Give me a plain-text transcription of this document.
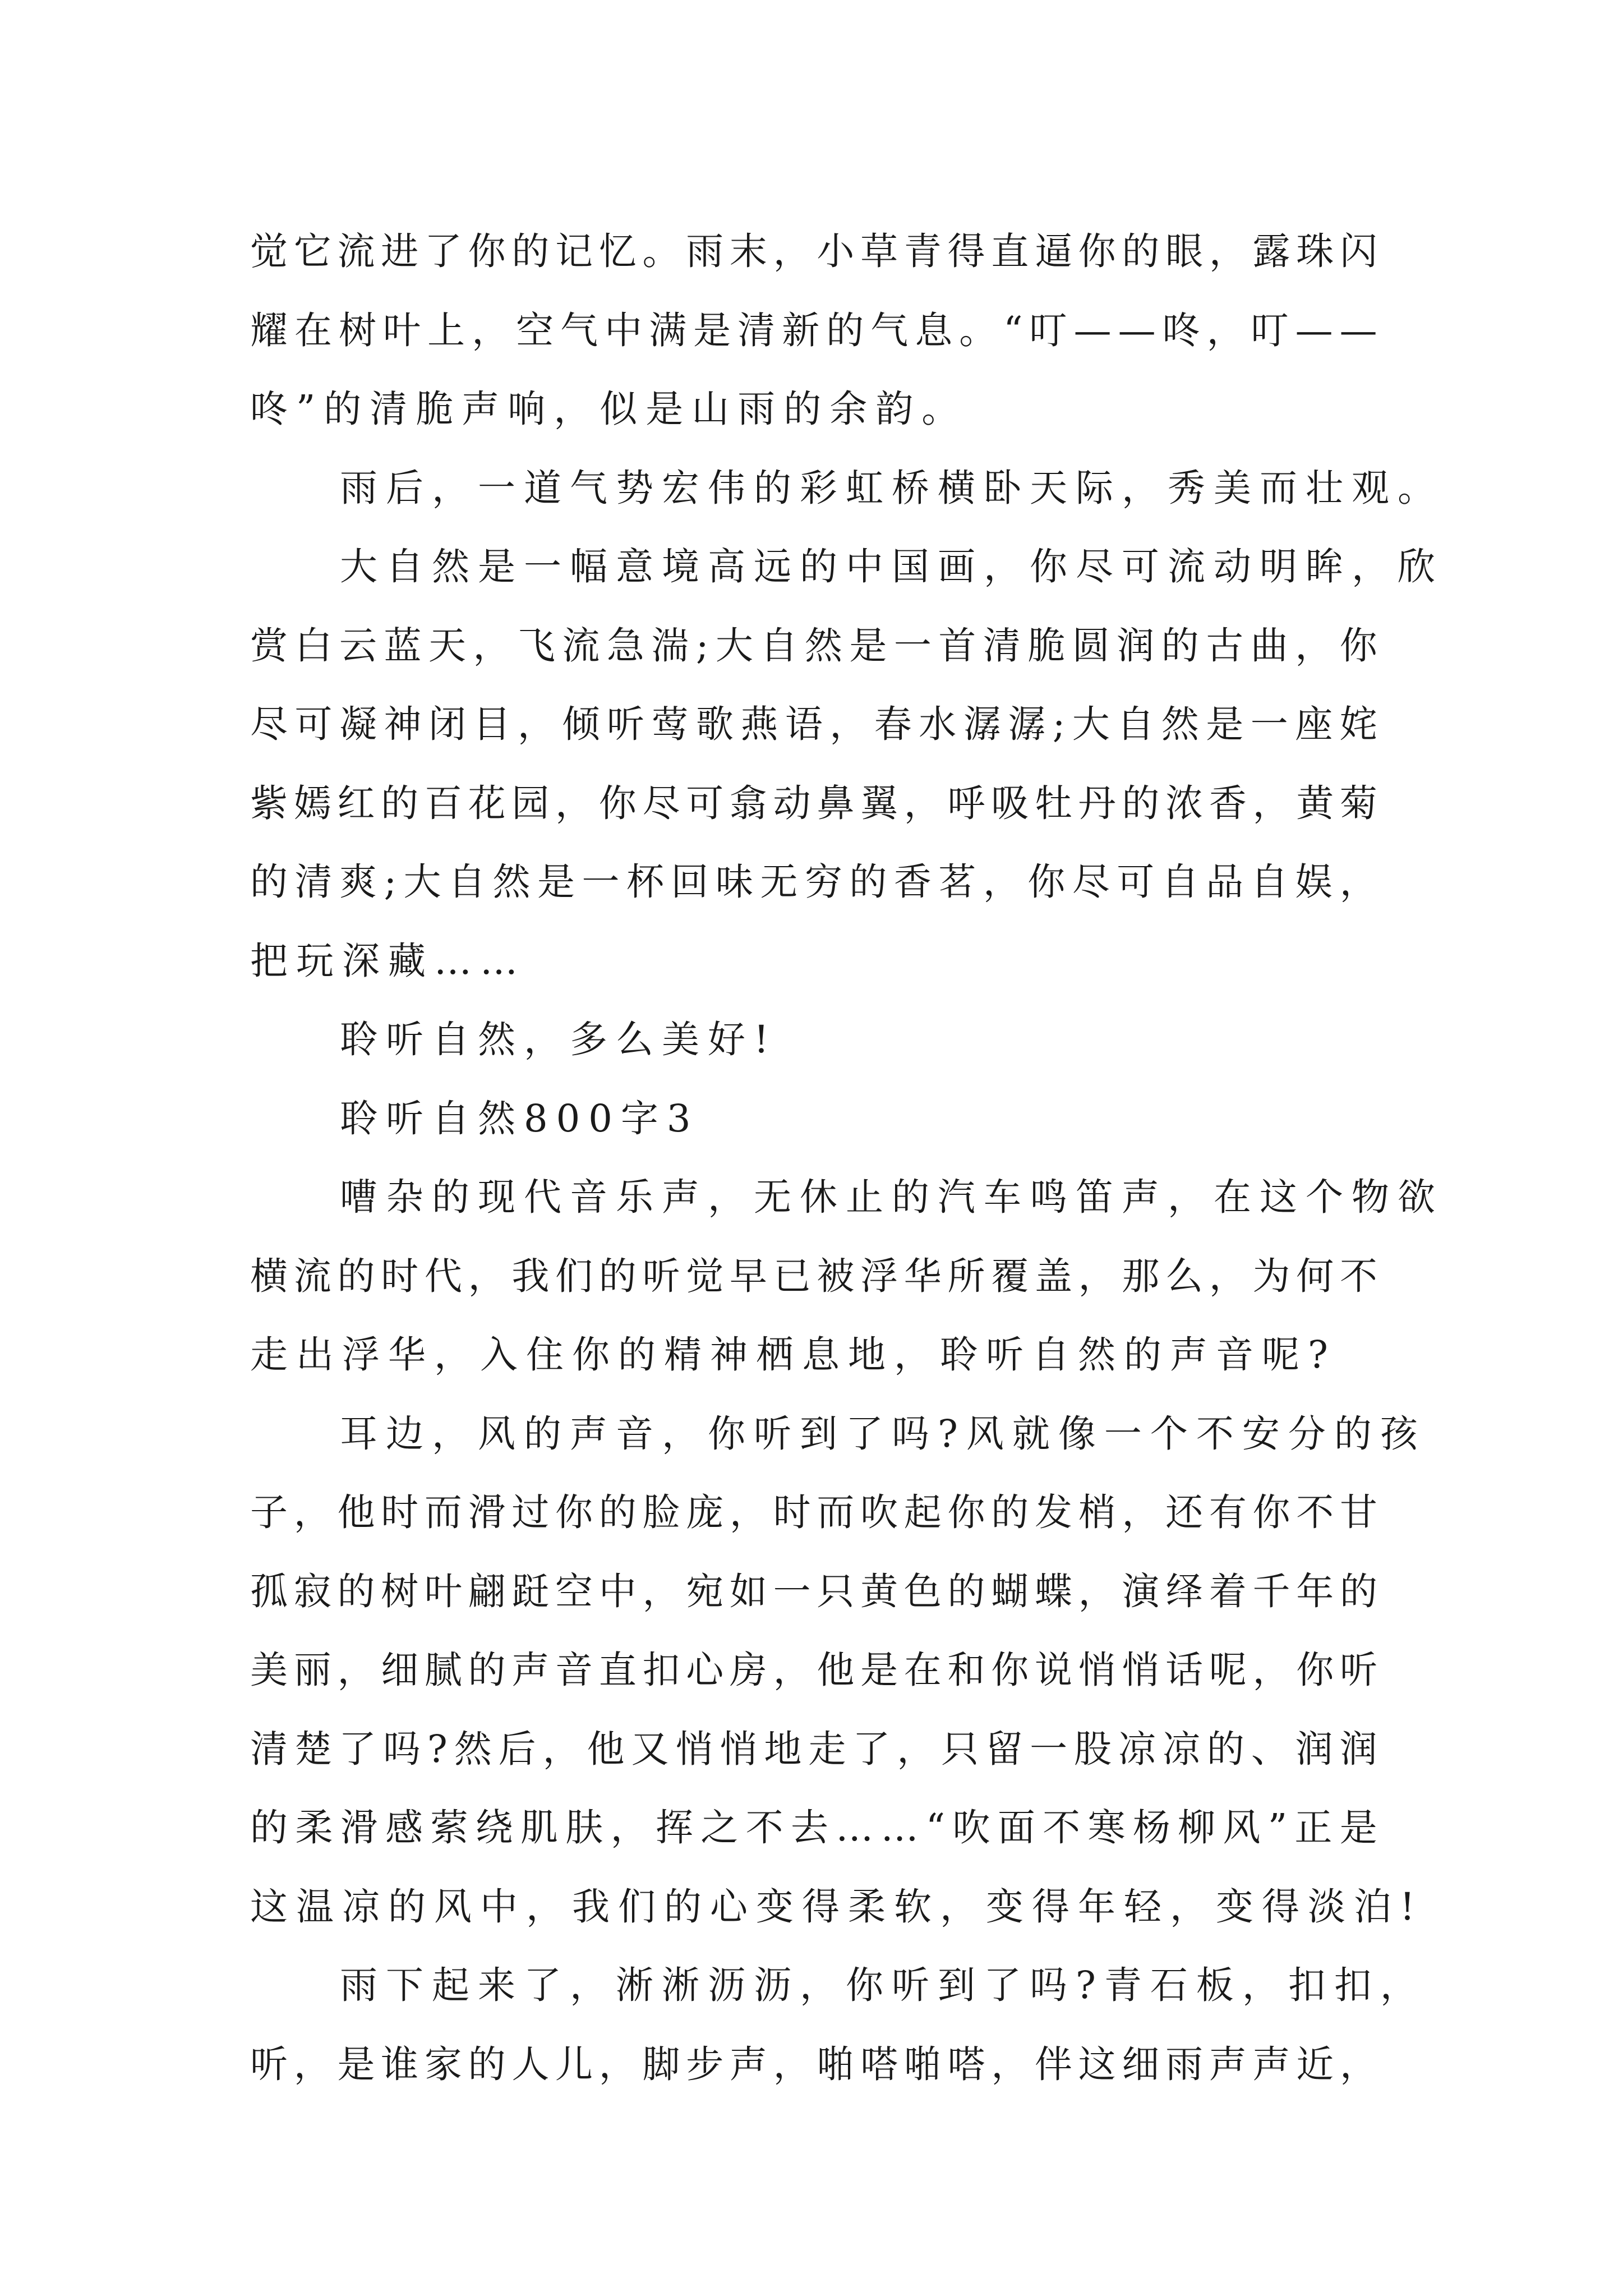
觉 它 流 进 了 你 的 记 忆 。 雨 末 ， 小 草 青 得 直 逼 你 的 眼 ， 露 珠 闪
耀 在 树 叶 上 ， 空 气 中 满 是 清 新 的 气 息 。 “ 叮 — — 咚 ， 叮 — —
咚”的清脆声响，似是山雨的余韵。
雨后，一道气势宏伟的彩虹桥横卧天际，秀美而壮观。
大自然是一幅意境高远的中国画，你尽可流动明眸，欣
赏 白 云 蓝 天 ， 飞 流 急 湍 ; 大 自 然 是 一 首 清 脆 圆 润 的 古 曲 ， 你
尽 可 凝 神 闭 目 ， 倾 听 莺 歌 燕 语 ， 春 水 潺 潺 ; 大 自 然 是 一 座 姹
紫 嫣 红 的 百 花 园 ， 你 尽 可 翕 动 鼻 翼 ， 呼 吸 牡 丹 的 浓 香 ， 黄 菊
的 清 爽 ; 大 自 然 是 一 杯 回 味 无 穷 的 香 茗 ， 你 尽 可 自 品 自 娱 ，
把玩深藏……
聆听自然，多么美好!
聆听自然800字3
嘈杂的现代音乐声，无休止的汽车鸣笛声，在这个物欲
横 流 的 时 代 ， 我 们 的 听 觉 早 已 被 浮 华 所 覆 盖 ， 那 么 ， 为 何 不
走出浮华，入住你的精神栖息地，聆听自然的声音呢?
耳边，风的声音，你听到了吗?风就像一个不安分的孩
子 ， 他 时 而 滑 过 你 的 脸 庞 ， 时 而 吹 起 你 的 发 梢 ， 还 有 你 不 甘
孤 寂 的 树 叶 翩 跹 空 中 ， 宛 如 一 只 黄 色 的 蝴 蝶 ， 演 绎 着 千 年 的
美 丽 ， 细 腻 的 声 音 直 扣 心 房 ， 他 是 在 和 你 说 悄 悄 话 呢 ， 你 听
清 楚 了 吗 ? 然 后 ， 他 又 悄 悄 地 走 了 ， 只 留 一 股 凉 凉 的 、 润 润
的 柔 滑 感 萦 绕 肌 肤 ， 挥 之 不 去 … … “ 吹 面 不 寒 杨 柳 风 ” 正 是
这温凉的风中，我们的心变得柔软，变得年轻，变得淡泊!
雨下起来了，淅淅沥沥，你听到了吗?青石板，扣扣，
听 ， 是 谁 家 的 人 儿 ， 脚 步 声 ， 啪 嗒 啪 嗒 ， 伴 这 细 雨 声 声 近 ，
